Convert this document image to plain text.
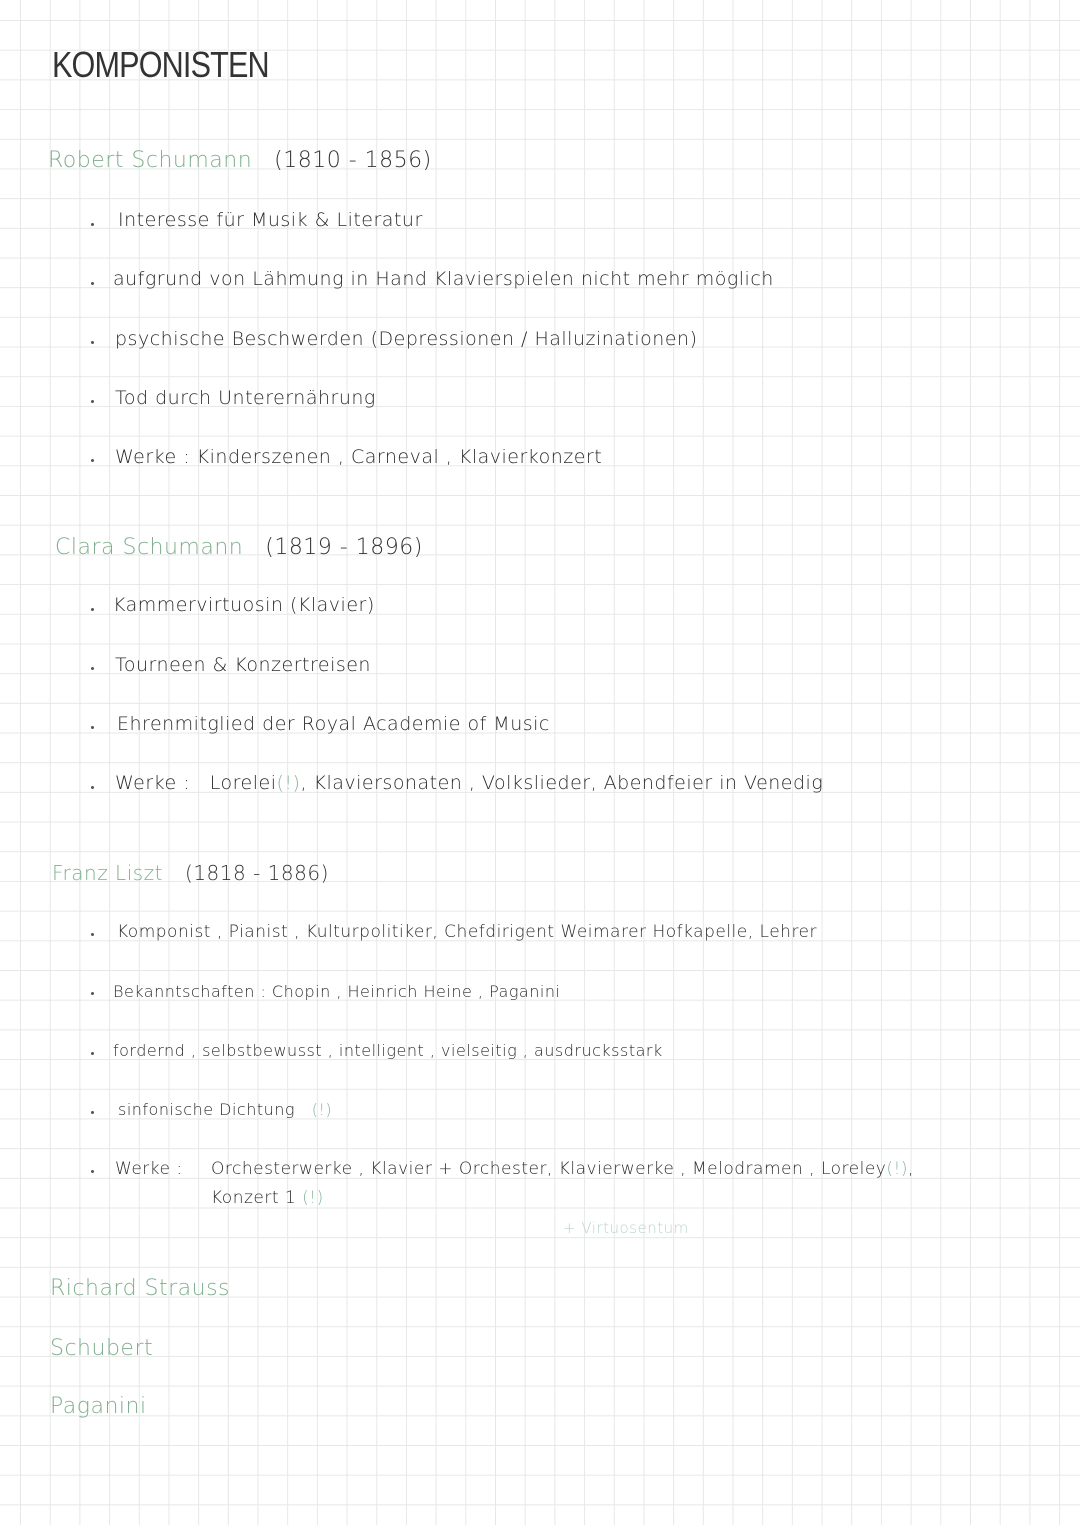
KOMPONISTEN
Robert Schumann (1810 - 1856)
Interesse für Musik & Literatur
aufgrund von Lähmung in Hand Klavierspielen nicht mehr möglich
psychische Beschwerden (Depressionen / Halluzinationen)
Tod durch Unterernährung
Werke : Kinderszenen , Carneval , Klavierkonzert
Clara Schumann (1819 - 1896)
Kammervirtuosin (Klavier)
Tourneen & Konzertreisen
Ehrenmitglied der Royal Academie of Music
Werke : Lorelei(!), Klaviersonaten , Volkslieder, Abendfeier in Venedig
Franz Liszt (1818 - 1886)
Komponist , Pianist , Kulturpolitiker, Chefdirigent Weimarer Hofkapelle, Lehrer
Bekanntschaften : Chopin , Heinrich Heine , Paganini
fordernd , selbstbewusst , intelligent , vielseitig , ausdrucksstark
sinfonische Dichtung (!)
Werke : Orchesterwerke , Klavier + Orchester, Klavierwerke , Melodramen , Loreley(!),
Konzert 1 (!)
+ Virtuosentum
Richard Strauss
Schubert
Paganini
